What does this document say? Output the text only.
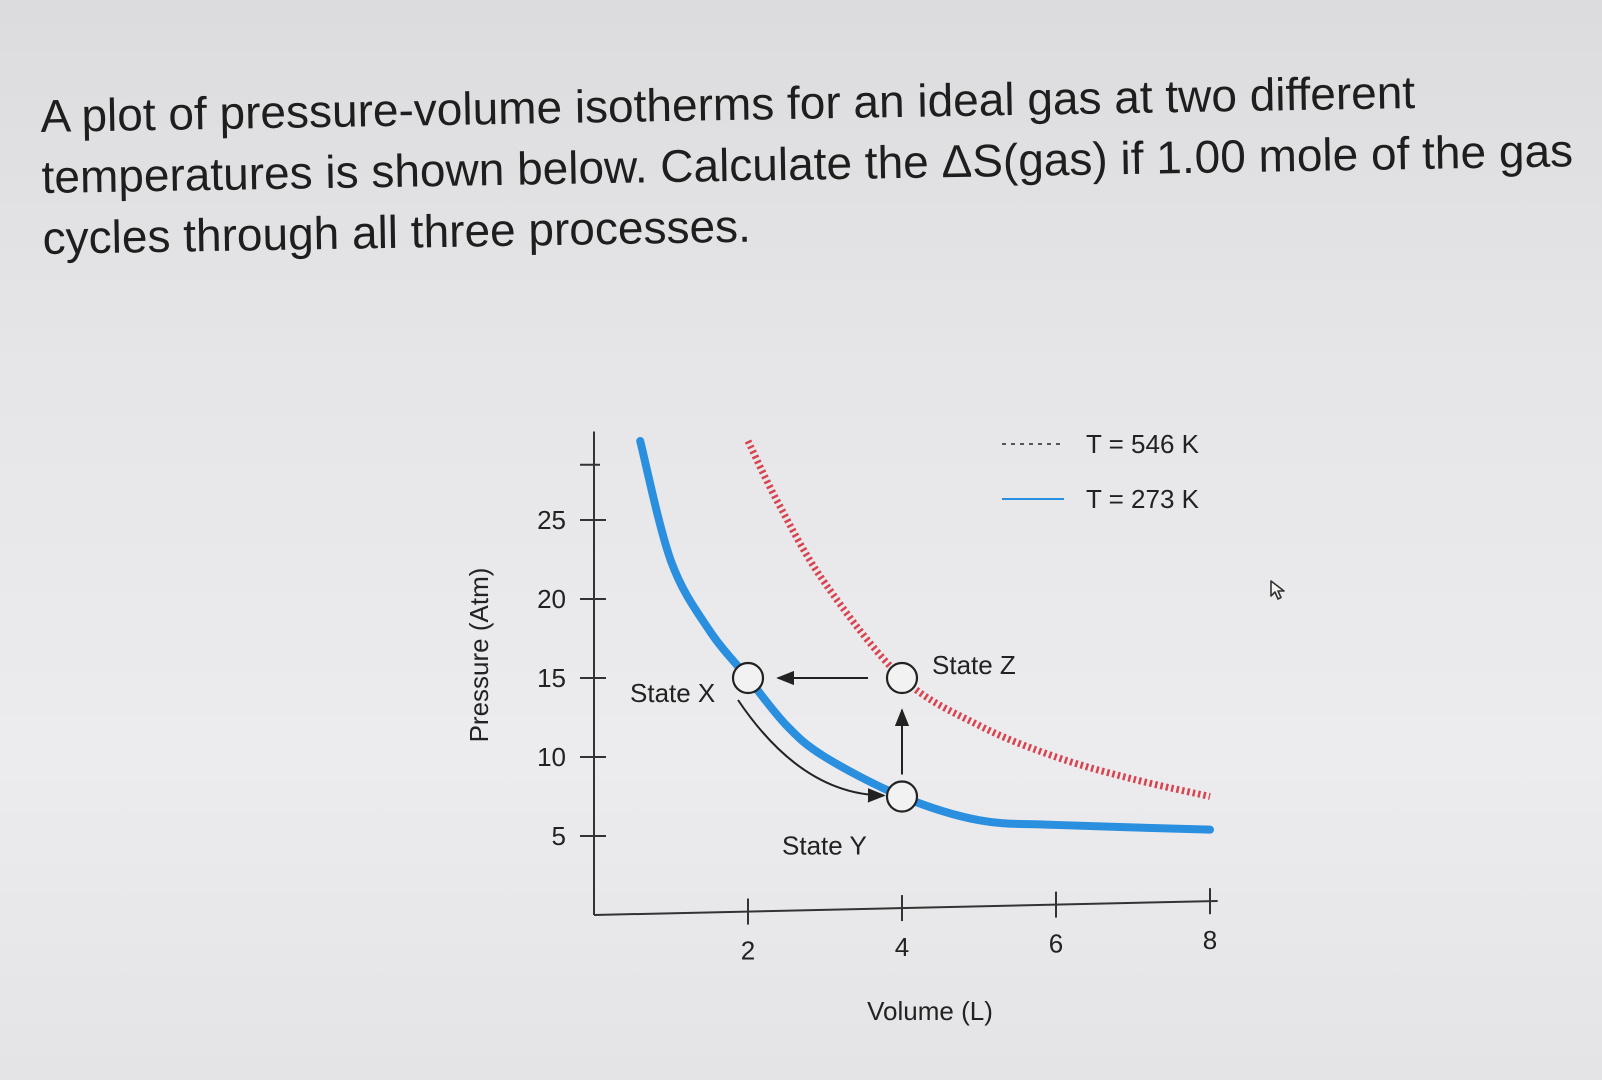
A plot of pressure-volume isotherms for an ideal gas at two different temperatures is shown below. Calculate the ΔS(gas) if 1.00 mole of the gas cycles through all three processes.

5
10
15
20
25
2	4	6	8
Volume (L)
Pressure (Atm)	State X
State Y
State Z
T = 546 K
T = 273 K
